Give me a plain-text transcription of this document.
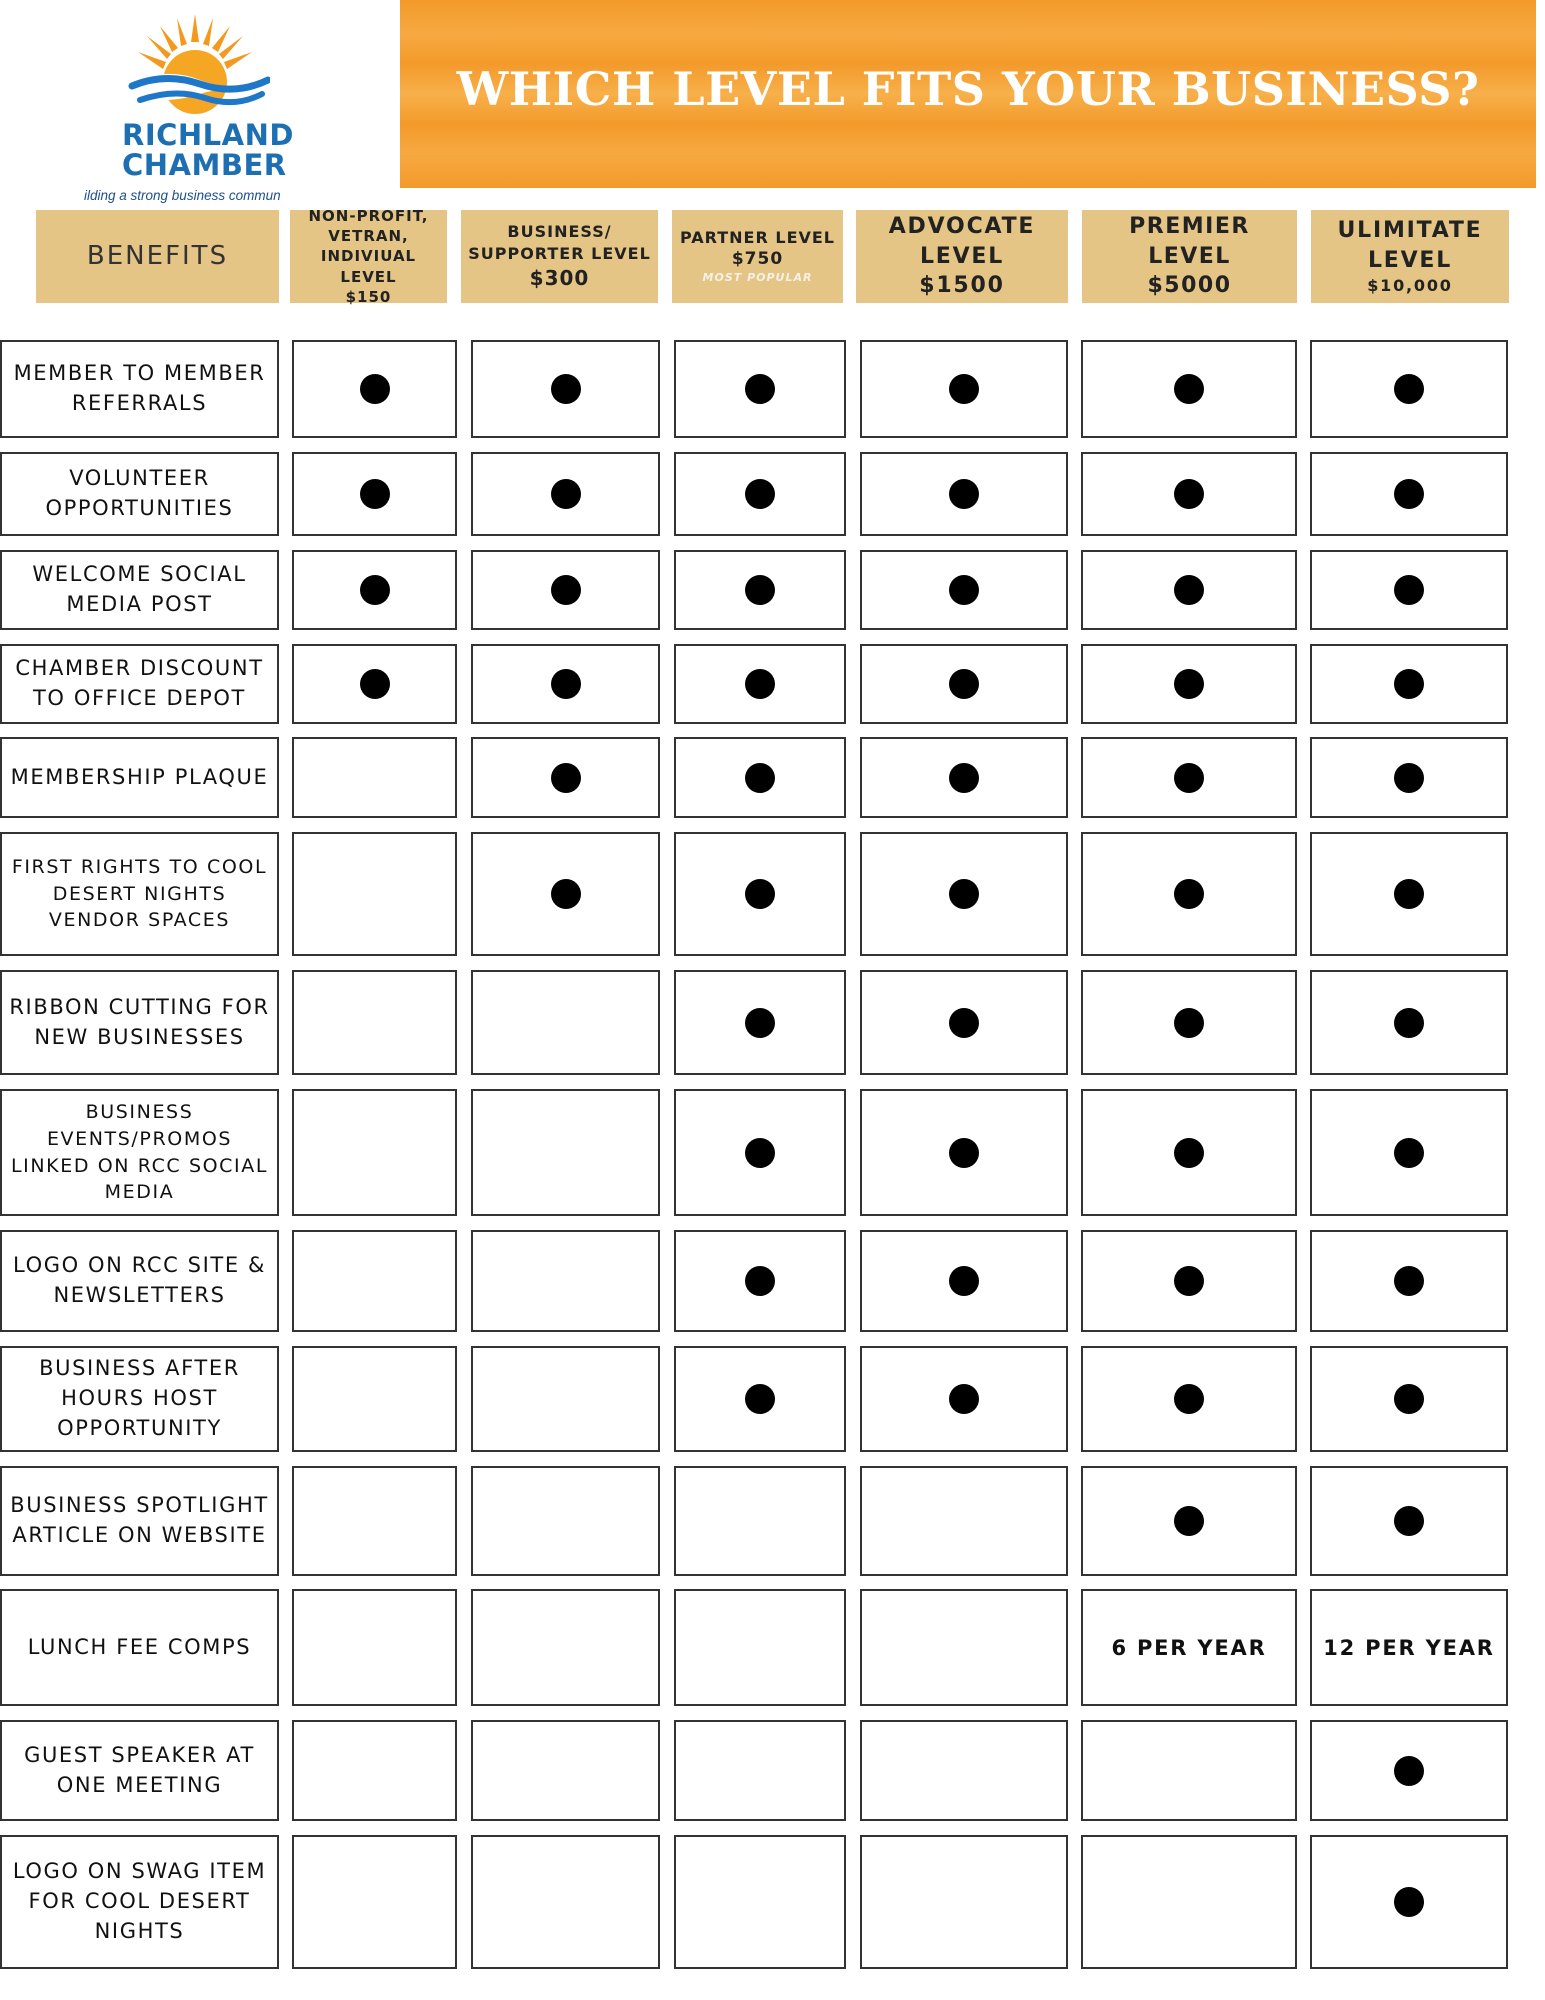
RICHLAND
CHAMBER
ilding a strong business commun
WHICH LEVEL FITS YOUR BUSINESS?
BENEFITS
NON-PROFIT, VETRAN, INDIVIUAL LEVEL
$150
BUSINESS/ SUPPORTER LEVEL
$300
PARTNER LEVEL
$750
MOST POPULAR
ADVOCATE LEVEL
$1500
PREMIER LEVEL
$5000
ULIMITATE LEVEL
$10,000
MEMBER TO MEMBER REFERRALS
VOLUNTEER OPPORTUNITIES
WELCOME SOCIAL MEDIA POST
CHAMBER DISCOUNT TO OFFICE DEPOT
MEMBERSHIP PLAQUE
FIRST RIGHTS TO COOL DESERT NIGHTS VENDOR SPACES
RIBBON CUTTING FOR NEW BUSINESSES
BUSINESS EVENTS/PROMOS LINKED ON RCC SOCIAL MEDIA
LOGO ON RCC SITE & NEWSLETTERS
BUSINESS AFTER HOURS HOST OPPORTUNITY
BUSINESS SPOTLIGHT ARTICLE ON WEBSITE
LUNCH FEE COMPS	6 PER YEAR	12 PER YEAR
GUEST SPEAKER AT ONE MEETING
LOGO ON SWAG ITEM FOR COOL DESERT NIGHTS
